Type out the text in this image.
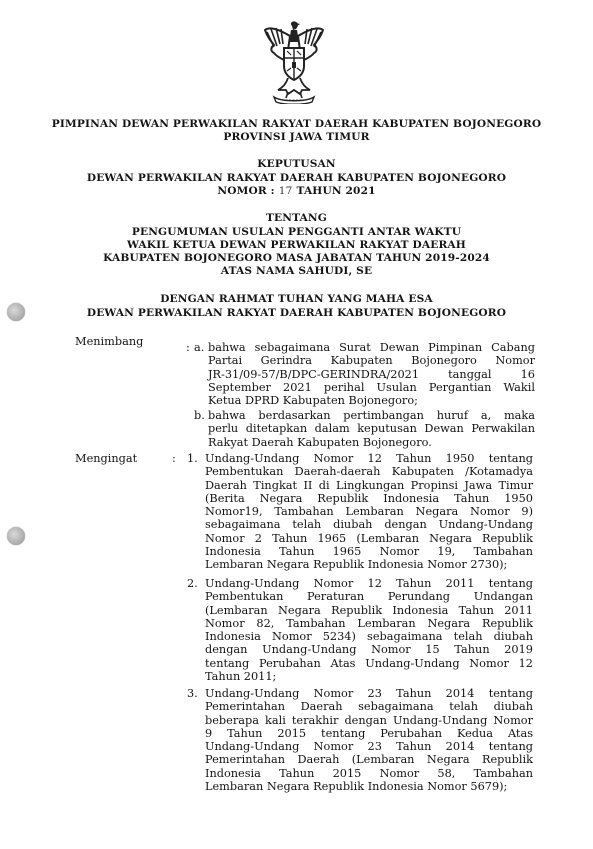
PIMPINAN DEWAN PERWAKILAN RAKYAT DAERAH KABUPATEN BOJONEGORO
PROVINSI JAWA TIMUR
KEPUTUSAN
DEWAN PERWAKILAN RAKYAT DAERAH KABUPATEN BOJONEGORO
NOMOR : 17 TAHUN 2021
TENTANG
PENGUMUMAN USULAN PENGGANTI ANTAR WAKTU
WAKIL KETUA DEWAN PERWAKILAN RAKYAT DAERAH
KABUPATEN BOJONEGORO MASA JABATAN TAHUN 2019-2024
ATAS NAMA SAHUDI, SE
DENGAN RAHMAT TUHAN YANG MAHA ESA
DEWAN PERWAKILAN RAKYAT DAERAH KABUPATEN BOJONEGORO
Menimbang	: a. bahwa sebagaimana Surat Dewan Pimpinan Cabang
Partai Gerindra Kabupaten Bojonegoro Nomor
JR-31/09-57/B/DPC-GERINDRA/2021 tanggal 16
September 2021 perihal Usulan Pergantian Wakil
Ketua DPRD Kabupaten Bojonegoro;
b. bahwa berdasarkan pertimbangan huruf a, maka
perlu ditetapkan dalam keputusan Dewan Perwakilan
Rakyat Daerah Kabupaten Bojonegoro.
Mengingat	: 1. Undang-Undang Nomor 12 Tahun 1950 tentang
Pembentukan Daerah-daerah Kabupaten /Kotamadya
Daerah Tingkat II di Lingkungan Propinsi Jawa Timur
(Berita Negara Republik Indonesia Tahun 1950
Nomor19, Tambahan Lembaran Negara Nomor 9)
sebagaimana telah diubah dengan Undang-Undang
Nomor 2 Tahun 1965 (Lembaran Negara Republik
Indonesia Tahun 1965 Nomor 19, Tambahan
Lembaran Negara Republik Indonesia Nomor 2730);
2. Undang-Undang Nomor 12 Tahun 2011 tentang
Pembentukan Peraturan Perundang Undangan
(Lembaran Negara Republik Indonesia Tahun 2011
Nomor 82, Tambahan Lembaran Negara Republik
Indonesia Nomor 5234) sebagaimana telah diubah
dengan Undang-Undang Nomor 15 Tahun 2019
tentang Perubahan Atas Undang-Undang Nomor 12
Tahun 2011;
3. Undang-Undang Nomor 23 Tahun 2014 tentang
Pemerintahan Daerah sebagaimana telah diubah
beberapa kali terakhir dengan Undang-Undang Nomor
9 Tahun 2015 tentang Perubahan Kedua Atas
Undang-Undang Nomor 23 Tahun 2014 tentang
Pemerintahan Daerah (Lembaran Negara Republik
Indonesia Tahun 2015 Nomor 58, Tambahan
Lembaran Negara Republik Indonesia Nomor 5679);
